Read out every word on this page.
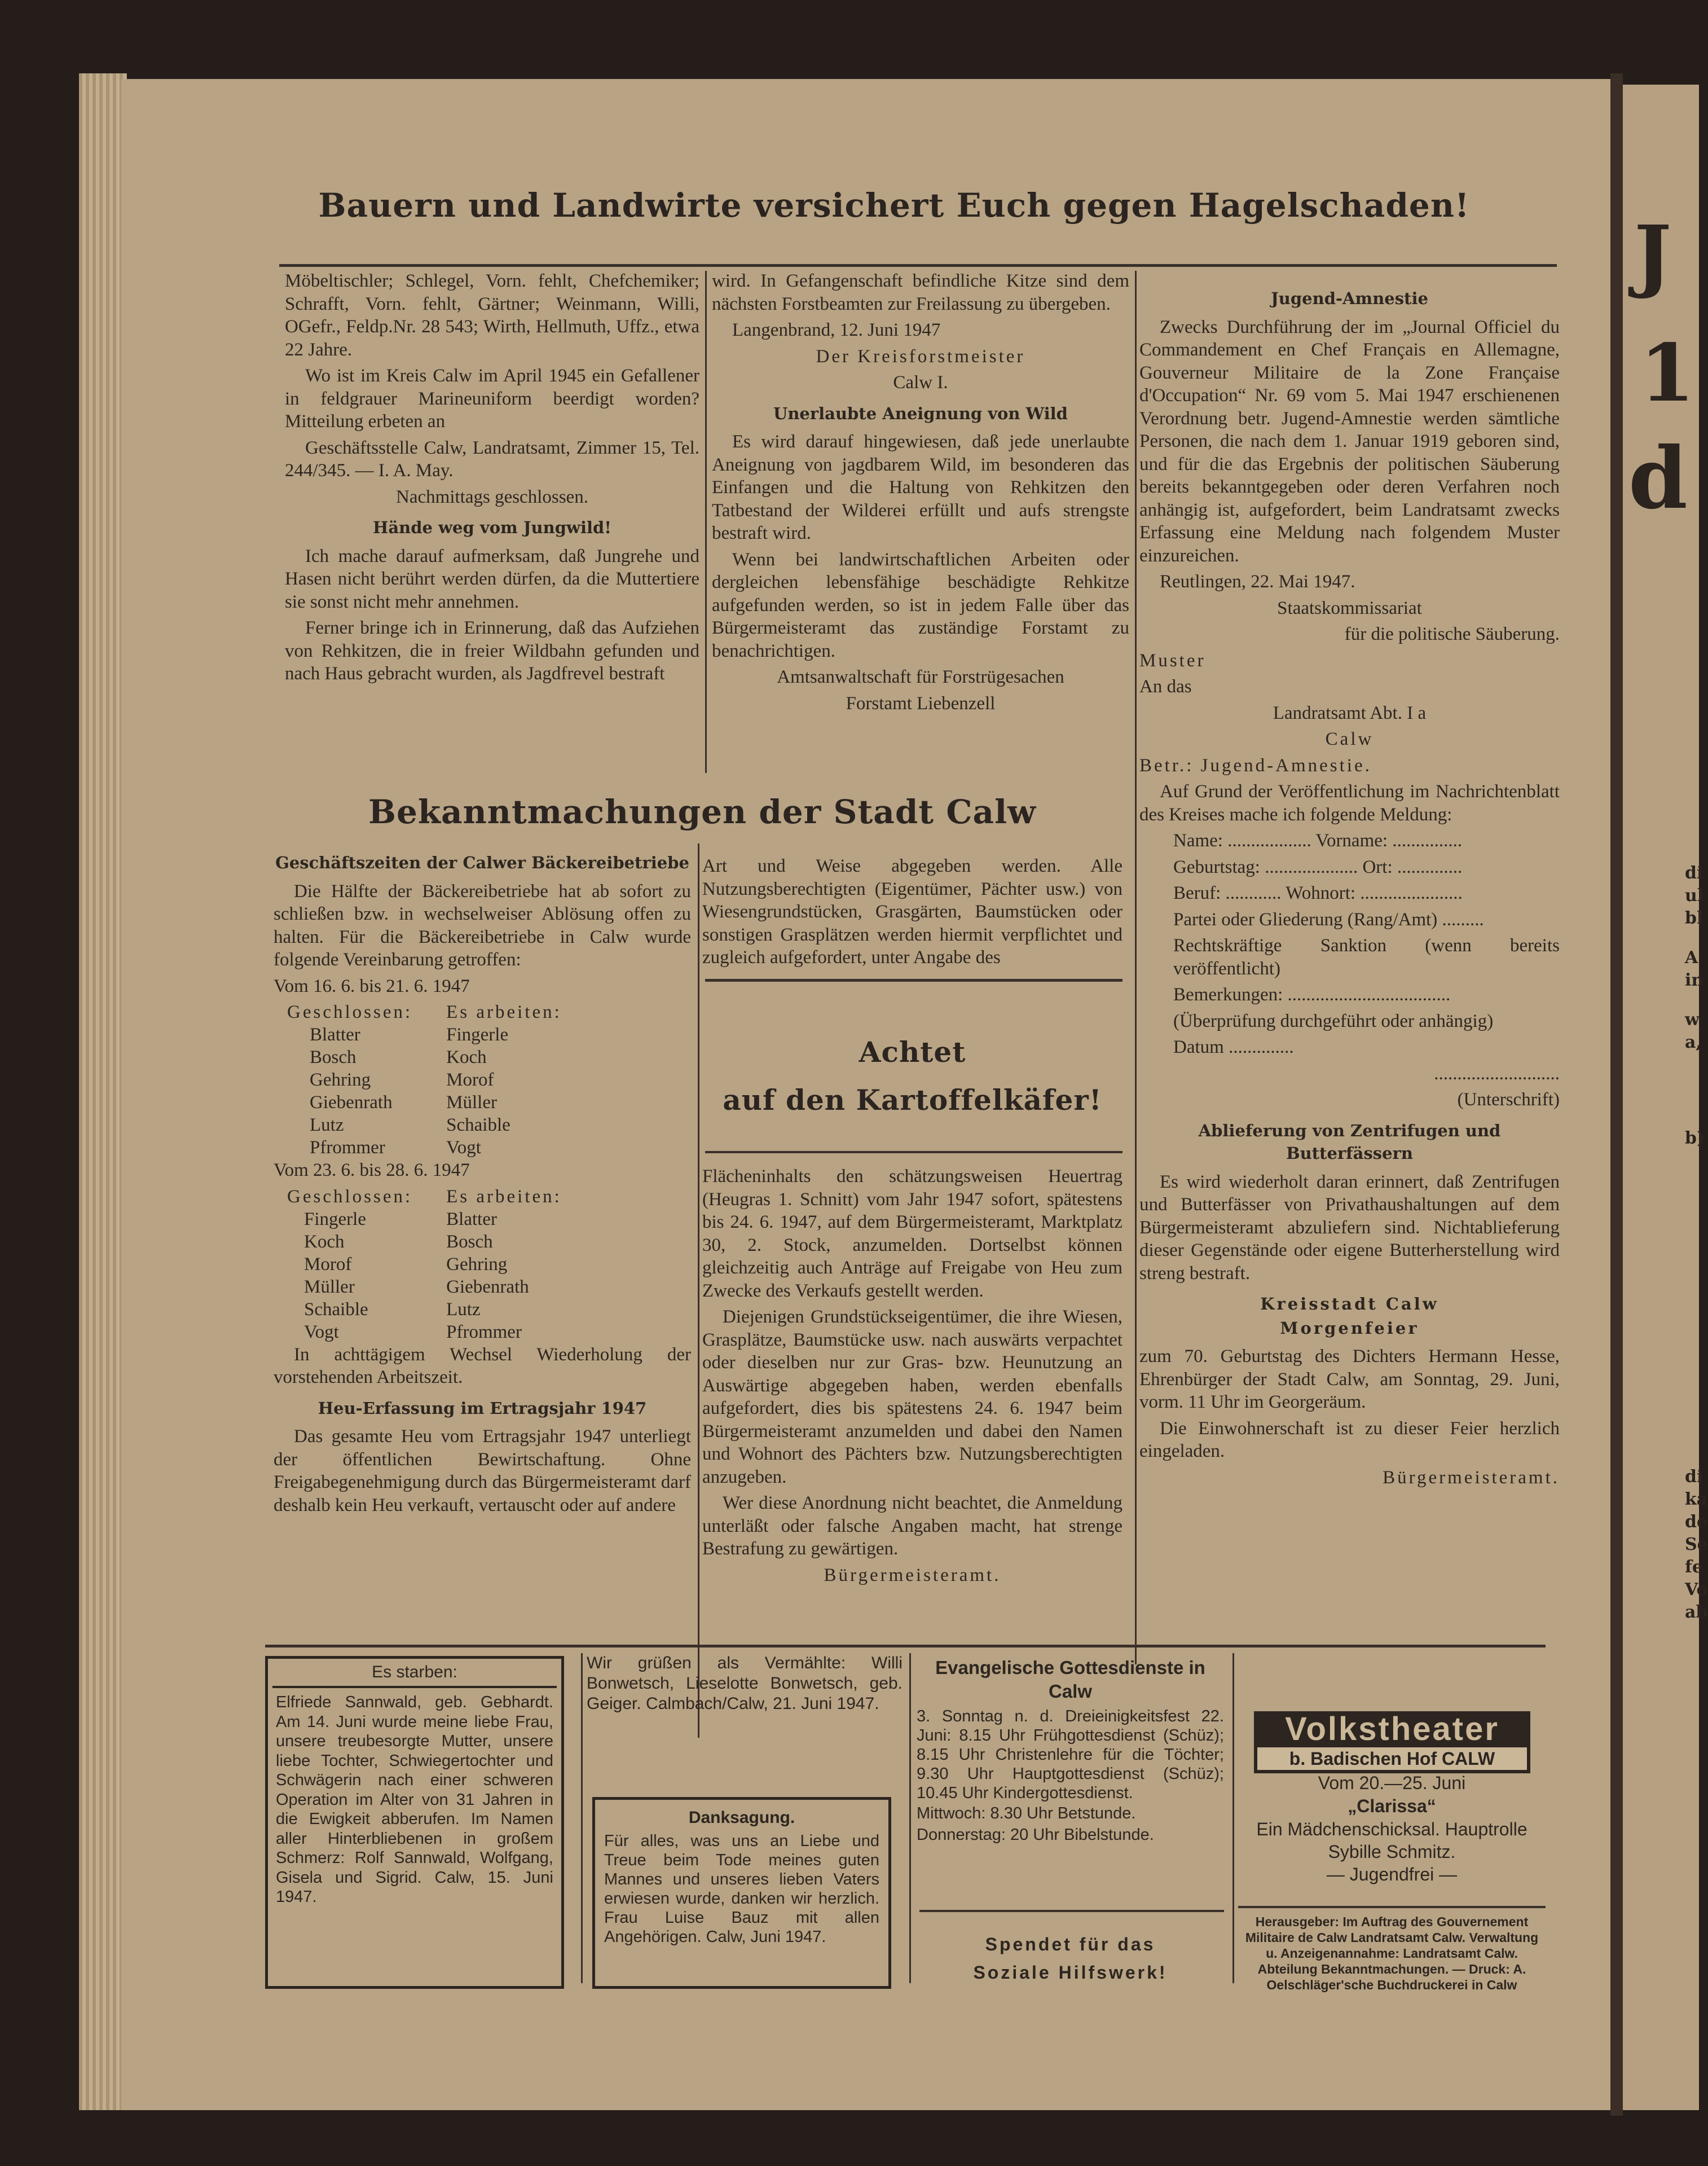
J
1
d
di
ul
bl
A
in
w
a,
b)
di
ka
de
Se
fe
Vo
ab
Bauern und Landwirte versichert Euch gegen Hagelschaden!

Möbeltischler; Schlegel, Vorn. fehlt, Chefchemiker; Schrafft, Vorn. fehlt, Gärtner; Weinmann, Willi, OGefr., Feldp.Nr. 28 543; Wirth, Hellmuth, Uffz., etwa 22 Jahre.

Wo ist im Kreis Calw im April 1945 ein Gefallener in feldgrauer Marineuniform beerdigt worden? Mitteilung erbeten an

Geschäftsstelle Calw, Landratsamt, Zimmer 15, Tel. 244/345. — I. A. May.

Nachmittags geschlossen.

Hände weg vom Jungwild!

Ich mache darauf aufmerksam, daß Jungrehe und Hasen nicht berührt werden dürfen, da die Muttertiere sie sonst nicht mehr annehmen.

Ferner bringe ich in Erinnerung, daß das Aufziehen von Rehkitzen, die in freier Wildbahn gefunden und nach Haus gebracht wurden, als Jagdfrevel bestraft

wird. In Gefangenschaft befindliche Kitze sind dem nächsten Forstbeamten zur Freilassung zu übergeben.

Langenbrand, 12. Juni 1947

Der Kreisforstmeister

Calw I.

Unerlaubte Aneignung von Wild

Es wird darauf hingewiesen, daß jede unerlaubte Aneignung von jagdbarem Wild, im besonderen das Einfangen und die Haltung von Rehkitzen den Tatbestand der Wilderei erfüllt und aufs strengste bestraft wird.

Wenn bei landwirtschaftlichen Arbeiten oder dergleichen lebensfähige beschädigte Rehkitze aufgefunden werden, so ist in jedem Falle über das Bürgermeisteramt das zuständige Forstamt zu benachrichtigen.

Amtsanwaltschaft für Forstrügesachen

Forstamt Liebenzell

Jugend-Amnestie

Zwecks Durchführung der im „Journal Officiel du Commandement en Chef Français en Allemagne, Gouverneur Militaire de la Zone Française d'Occupation“ Nr. 69 vom 5. Mai 1947 erschienenen Verordnung betr. Jugend-Amnestie werden sämtliche Personen, die nach dem 1. Januar 1919 geboren sind, und für die das Ergebnis der politischen Säuberung bereits bekanntgegeben oder deren Verfahren noch anhängig ist, aufgefordert, beim Landratsamt zwecks Erfassung eine Meldung nach folgendem Muster einzureichen.

Reutlingen, 22. Mai 1947.

Staatskommissariat

für die politische Säuberung.

Muster

An das

Landratsamt Abt. I a

Calw

Betr.: Jugend-Amnestie.

Auf Grund der Veröffentlichung im Nachrichtenblatt des Kreises mache ich folgende Meldung:

Name: .................. Vorname: ...............

Geburtstag: .................... Ort: ..............

Beruf: ............ Wohnort: ......................

Partei oder Gliederung (Rang/Amt) .........

Rechtskräftige Sanktion (wenn bereits veröffentlicht)

Bemerkungen: ...................................

(Überprüfung durchgeführt oder anhängig)

Datum ..............

...........................

(Unterschrift)

Ablieferung von Zentrifugen und Butterfässern

Es wird wiederholt daran erinnert, daß Zentrifugen und Butterfässer von Privathaushaltungen auf dem Bürgermeisteramt abzuliefern sind. Nichtablieferung dieser Gegenstände oder eigene Butterherstellung wird streng bestraft.

Kreisstadt Calw
Morgenfeier

zum 70. Geburtstag des Dichters Hermann Hesse, Ehrenbürger der Stadt Calw, am Sonntag, 29. Juni, vorm. 11 Uhr im Georgeräum.

Die Einwohnerschaft ist zu dieser Feier herzlich eingeladen.

Bürgermeisteramt.

Bekanntmachungen der Stadt Calw
Geschäftszeiten der Calwer Bäckereibetriebe

Die Hälfte der Bäckereibetriebe hat ab sofort zu schließen bzw. in wechselweiser Ablösung offen zu halten. Für die Bäckereibetriebe in Calw wurde folgende Vereinbarung getroffen:

Vom 16. 6. bis 21. 6. 1947

Geschlossen:	Es arbeiten:
Blatter	Fingerle
Bosch	Koch
Gehring	Morof
Giebenrath	Müller
Lutz	Schaible
Pfrommer	Vogt

Vom 23. 6. bis 28. 6. 1947

Geschlossen:	Es arbeiten:
Fingerle	Blatter
Koch	Bosch
Morof	Gehring
Müller	Giebenrath
Schaible	Lutz
Vogt	Pfrommer

In achttägigem Wechsel Wiederholung der vorstehenden Arbeitszeit.

Heu-Erfassung im Ertragsjahr 1947

Das gesamte Heu vom Ertragsjahr 1947 unterliegt der öffentlichen Bewirtschaftung. Ohne Freigabegenehmigung durch das Bürgermeisteramt darf deshalb kein Heu verkauft, vertauscht oder auf andere

Art und Weise abgegeben werden. Alle Nutzungsberechtigten (Eigentümer, Pächter usw.) von Wiesengrundstücken, Grasgärten, Baumstücken oder sonstigen Grasplätzen werden hiermit verpflichtet und zugleich aufgefordert, unter Angabe des

Achtet
auf den Kartoffelkäfer!

Flächeninhalts den schätzungsweisen Heuertrag (Heugras 1. Schnitt) vom Jahr 1947 sofort, spätestens bis 24. 6. 1947, auf dem Bürgermeisteramt, Marktplatz 30, 2. Stock, anzumelden. Dortselbst können gleichzeitig auch Anträge auf Freigabe von Heu zum Zwecke des Verkaufs gestellt werden.

Diejenigen Grundstückseigentümer, die ihre Wiesen, Grasplätze, Baumstücke usw. nach auswärts verpachtet oder dieselben nur zur Gras- bzw. Heunutzung an Auswärtige abgegeben haben, werden ebenfalls aufgefordert, dies bis spätestens 24. 6. 1947 beim Bürgermeisteramt anzumelden und dabei den Namen und Wohnort des Pächters bzw. Nutzungsberechtigten anzugeben.

Wer diese Anordnung nicht beachtet, die Anmeldung unterläßt oder falsche Angaben macht, hat strenge Bestrafung zu gewärtigen.

Bürgermeisteramt.

Es starben:
Elfriede Sannwald, geb. Gebhardt. Am 14. Juni wurde meine liebe Frau, unsere treubesorgte Mutter, unsere liebe Tochter, Schwiegertochter und Schwägerin nach einer schweren Operation im Alter von 31 Jahren in die Ewigkeit abberufen. Im Namen aller Hinterbliebenen in großem Schmerz: Rolf Sannwald, Wolfgang, Gisela und Sigrid. Calw, 15. Juni 1947.
Wir grüßen als Vermählte: Willi Bonwetsch, Lieselotte Bonwetsch, geb. Geiger. Calmbach/Calw, 21. Juni 1947.
Danksagung.
Für alles, was uns an Liebe und Treue beim Tode meines guten Mannes und unseres lieben Vaters erwiesen wurde, danken wir herzlich. Frau Luise Bauz mit allen Angehörigen. Calw, Juni 1947.
Evangelische Gottesdienste in Calw
3. Sonntag n. d. Dreieinigkeitsfest 22. Juni: 8.15 Uhr Frühgottesdienst (Schüz); 8.15 Uhr Christenlehre für die Töchter; 9.30 Uhr Hauptgottesdienst (Schüz); 10.45 Uhr Kindergottesdienst.
Mittwoch: 8.30 Uhr Betstunde.
Donnerstag: 20 Uhr Bibelstunde.
Spendet für das
Soziale Hilfswerk!
Volkstheater
b. Badischen Hof CALW
Vom 20.—25. Juni
„Clarissa“
Ein Mädchenschicksal. Hauptrolle Sybille Schmitz.
— Jugendfrei —
Herausgeber: Im Auftrag des Gouvernement Militaire de Calw Landratsamt Calw. Verwaltung u. Anzeigenannahme: Landratsamt Calw. Abteilung Bekanntmachungen. — Druck: A. Oelschläger'sche Buchdruckerei in Calw
